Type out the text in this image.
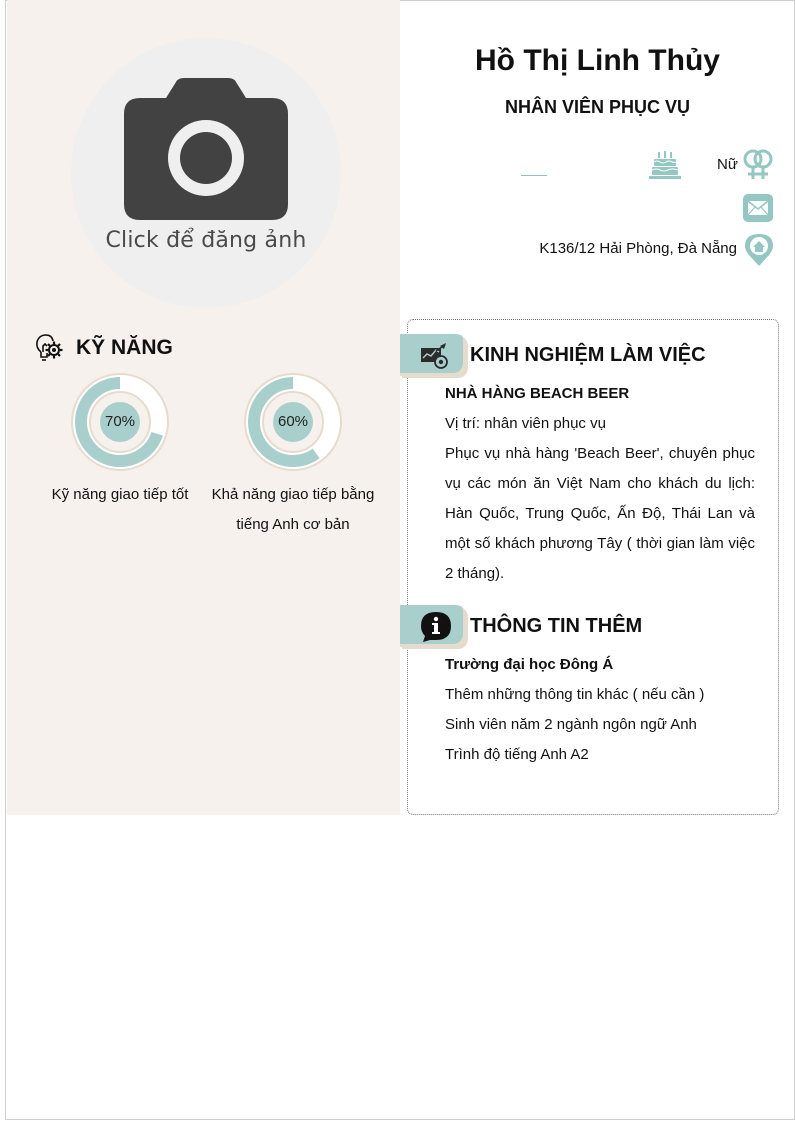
Click để đăng ảnh
KỸ NĂNG
70%
Kỹ năng giao tiếp tốt
60%
Khả năng giao tiếp bằng
tiếng Anh cơ bản
Hồ Thị Linh Thủy
NHÂN VIÊN PHỤC VỤ
Nữ
K136/12 Hải Phòng, Đà Nẵng
KINH NGHIỆM LÀM VIỆC
NHÀ HÀNG BEACH BEER
Vị trí: nhân viên phục vụ
Phục vụ nhà hàng 'Beach Beer', chuyên phục vụ các món ăn Việt Nam cho khách du lịch: Hàn Quốc, Trung Quốc, Ấn Độ, Thái Lan và một số khách phương Tây ( thời gian làm việc 2 tháng).
THÔNG TIN THÊM
Trường đại học Đông Á
Thêm những thông tin khác ( nếu cần )
Sinh viên năm 2 ngành ngôn ngữ Anh
Trình độ tiếng Anh A2
